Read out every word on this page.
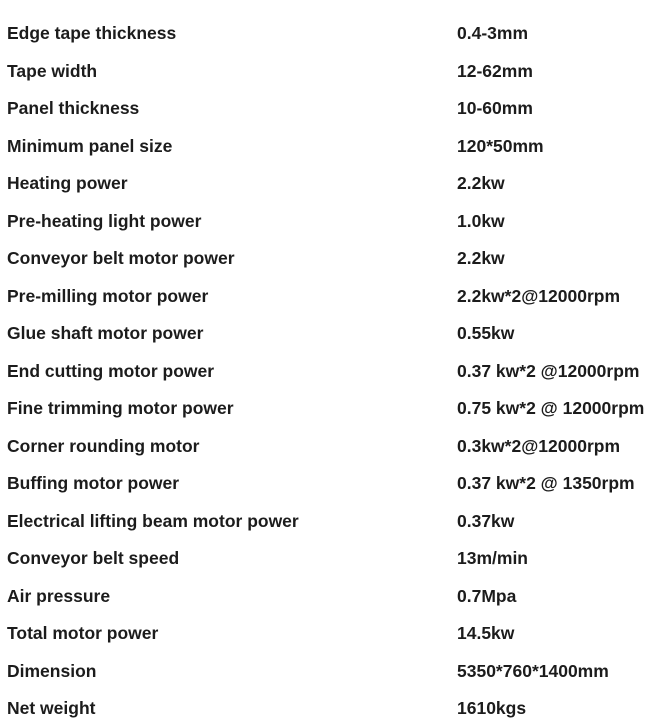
Edge tape thickness	0.4-3mm
Tape width	12-62mm
Panel thickness	10-60mm
Minimum panel size	120*50mm
Heating power	2.2kw
Pre-heating light power	1.0kw
Conveyor belt motor power	2.2kw
Pre-milling motor power	2.2kw*2@12000rpm
Glue shaft motor power	0.55kw
End cutting motor power	0.37 kw*2 @12000rpm
Fine trimming motor power	0.75 kw*2 @ 12000rpm
Corner rounding motor	0.3kw*2@12000rpm
Buffing motor power	0.37 kw*2 @ 1350rpm
Electrical lifting beam motor power	0.37kw
Conveyor belt speed	13m/min
Air pressure	0.7Mpa
Total motor power	14.5kw
Dimension	5350*760*1400mm
Net weight	1610kgs
